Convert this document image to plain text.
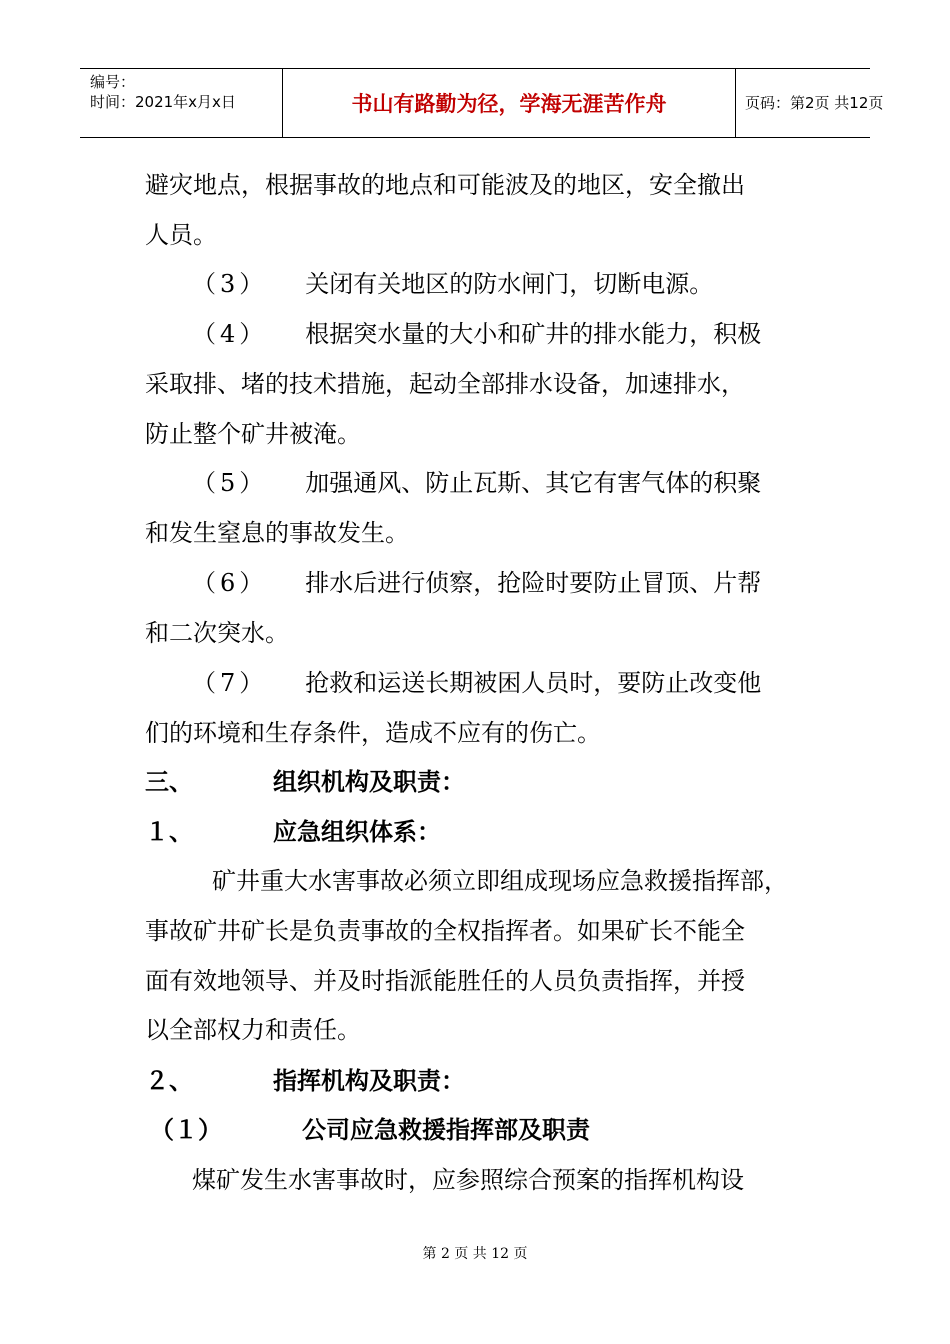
编号：
时间：2021年x月x日	书山有路勤为径，学海无涯苦作舟	页码：第2页 共12页
避灾地点，根据事故的地点和可能波及的地区，安全撤出
人员。
（3） 关闭有关地区的防水闸门，切断电源。
（4） 根据突水量的大小和矿井的排水能力，积极
采取排、堵的技术措施，起动全部排水设备，加速排水，
防止整个矿井被淹。
（5） 加强通风、防止瓦斯、其它有害气体的积聚
和发生窒息的事故发生。
（6） 排水后进行侦察，抢险时要防止冒顶、片帮
和二次突水。
（7） 抢救和运送长期被困人员时，要防止改变他
们的环境和生存条件，造成不应有的伤亡。
三、	组织机构及职责：
１、	应急组织体系：
矿井重大水害事故必须立即组成现场应急救援指挥部，
事故矿井矿长是负责事故的全权指挥者。如果矿长不能全
面有效地领导、并及时指派能胜任的人员负责指挥，并授
以全部权力和责任。
２、	指挥机构及职责：
（１）	公司应急救援指挥部及职责
煤矿发生水害事故时，应参照综合预案的指挥机构设
第 2 页 共 12 页
